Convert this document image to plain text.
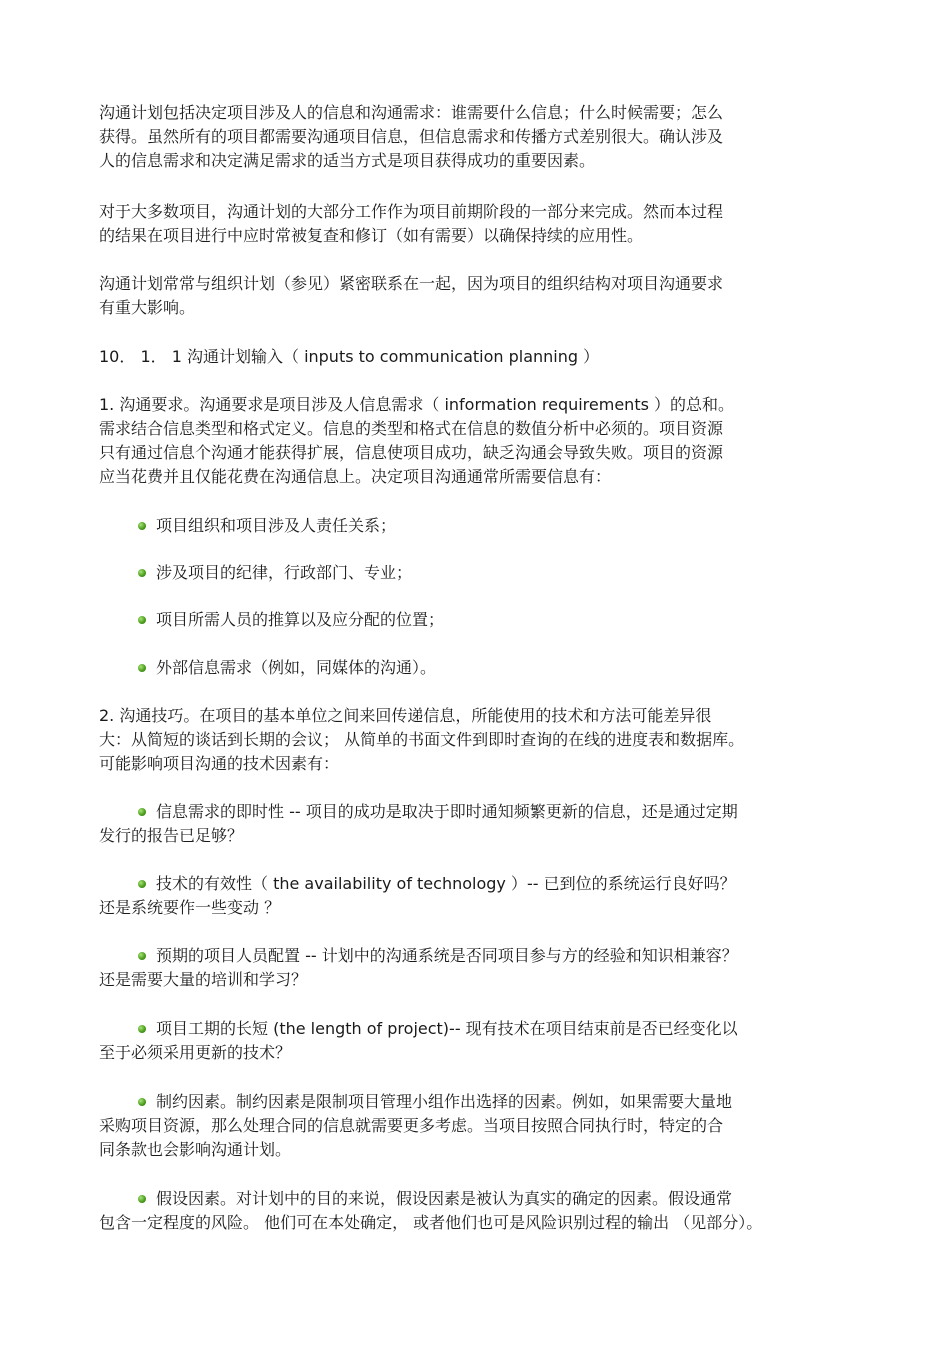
沟通计划包括决定项目涉及人的信息和沟通需求：谁需要什么信息；什么时候需要；怎么
获得。虽然所有的项目都需要沟通项目信息，但信息需求和传播方式差别很大。确认涉及
人的信息需求和决定满足需求的适当方式是项目获得成功的重要因素。

对于大多数项目，沟通计划的大部分工作作为项目前期阶段的一部分来完成。然而本过程
的结果在项目进行中应时常被复查和修订（如有需要）以确保持续的应用性。

沟通计划常常与组织计划（参见）紧密联系在一起，因为项目的组织结构对项目沟通要求
有重大影响。

10． 1． 1 沟通计划输入（ inputs to communication planning ）

1. 沟通要求。沟通要求是项目涉及人信息需求（ information requirements ）的总和。
需求结合信息类型和格式定义。信息的类型和格式在信息的数值分析中必须的。项目资源
只有通过信息个沟通才能获得扩展，信息使项目成功，缺乏沟通会导致失败。项目的资源
应当花费并且仅能花费在沟通信息上。决定项目沟通通常所需要信息有：

项目组织和项目涉及人责任关系；
涉及项目的纪律，行政部门、专业；
项目所需人员的推算以及应分配的位置；
外部信息需求（例如，同媒体的沟通）。

2. 沟通技巧。在项目的基本单位之间来回传递信息，所能使用的技术和方法可能差异很
大：从简短的谈话到长期的会议； 从简单的书面文件到即时查询的在线的进度表和数据库。
可能影响项目沟通的技术因素有：

信息需求的即时性 -- 项目的成功是取决于即时通知频繁更新的信息，还是通过定期
发行的报告已足够？
技术的有效性（ the availability of technology ）-- 已到位的系统运行良好吗？
还是系统要作一些变动 ？
预期的项目人员配置 -- 计划中的沟通系统是否同项目参与方的经验和知识相兼容？
还是需要大量的培训和学习？
项目工期的长短 (the length of project)-- 现有技术在项目结束前是否已经变化以
至于必须采用更新的技术？
制约因素。制约因素是限制项目管理小组作出选择的因素。例如，如果需要大量地
采购项目资源，那么处理合同的信息就需要更多考虑。当项目按照合同执行时，特定的合
同条款也会影响沟通计划。
假设因素。对计划中的目的来说，假设因素是被认为真实的确定的因素。假设通常
包含一定程度的风险。 他们可在本处确定， 或者他们也可是风险识别过程的输出 （见部分）。
